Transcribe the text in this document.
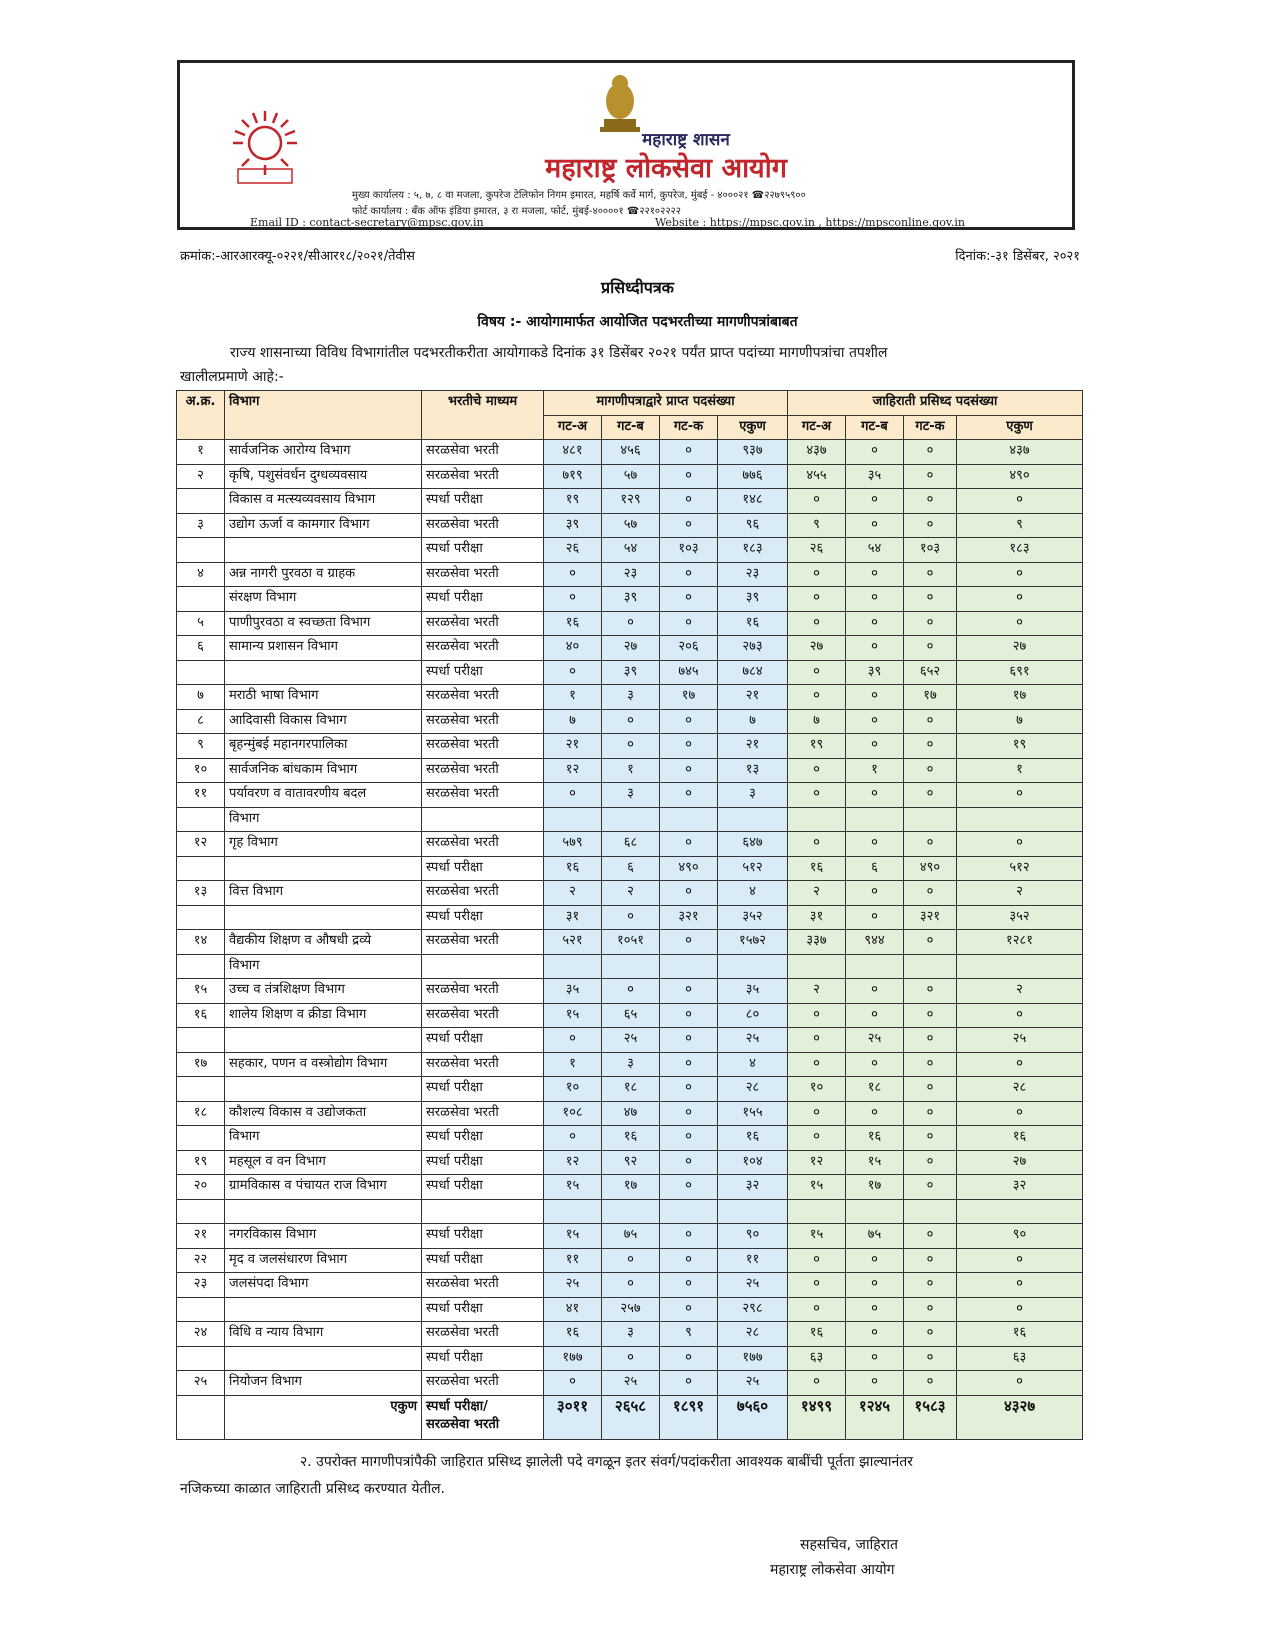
महाराष्ट्र शासन
महाराष्ट्र लोकसेवा आयोग
मुख्य कार्यालय : ५, ७, ८ वा मजला, कुपरेज टेलिफोन निगम इमारत, महर्षि कर्वे मार्ग, कुपरेज, मुंबई - ४०००२१ ☎२२७९५९००
फोर्ट कार्यालय : बँक ऑफ इंडिया इमारत, ३ रा मजला, फोर्ट, मुंबई-४००००१ ☎२२१०२२२२
Email ID : contact-secretary@mpsc.gov.in	Website : https://mpsc.gov.in , https://mpsconline.gov.in
क्रमांक:-आरआरक्यू-०२२१/सीआर१८/२०२१/तेवीस	दिनांक:-३१ डिसेंबर, २०२१
प्रसिध्दीपत्रक
विषय :- आयोगामार्फत आयोजित पदभरतीच्या मागणीपत्रांबाबत
राज्य शासनाच्या विविध विभागांतील पदभरतीकरीता आयोगाकडे दिनांक ३१ डिसेंबर २०२१ पर्यंत प्राप्त पदांच्या मागणीपत्रांचा तपशील
खालीलप्रमाणे आहे:-
अ.क्र.	विभाग	भरतीचे माध्यम	मागणीपत्राद्वारे प्राप्त पदसंख्या				जाहिराती प्रसिध्द पदसंख्या			
			गट-अ	गट-ब	गट-क	एकुण	गट-अ	गट-ब	गट-क	एकुण
१	सार्वजनिक आरोग्य विभाग	सरळसेवा भरती	४८१	४५६	०	९३७	४३७	०	०	४३७
२	कृषि, पशुसंवर्धन दुग्धव्यवसाय	सरळसेवा भरती	७१९	५७	०	७७६	४५५	३५	०	४९०
	विकास व मत्स्यव्यवसाय विभाग	स्पर्धा परीक्षा	१९	१२९	०	१४८	०	०	०	०
३	उद्योग ऊर्जा व कामगार विभाग	सरळसेवा भरती	३९	५७	०	९६	९	०	०	९
		स्पर्धा परीक्षा	२६	५४	१०३	१८३	२६	५४	१०३	१८३
४	अन्न नागरी पुरवठा व ग्राहक	सरळसेवा भरती	०	२३	०	२३	०	०	०	०
	संरक्षण विभाग	स्पर्धा परीक्षा	०	३९	०	३९	०	०	०	०
५	पाणीपुरवठा व स्वच्छता विभाग	सरळसेवा भरती	१६	०	०	१६	०	०	०	०
६	सामान्य प्रशासन विभाग	सरळसेवा भरती	४०	२७	२०६	२७३	२७	०	०	२७
		स्पर्धा परीक्षा	०	३९	७४५	७८४	०	३९	६५२	६९१
७	मराठी भाषा विभाग	सरळसेवा भरती	१	३	१७	२१	०	०	१७	१७
८	आदिवासी विकास विभाग	सरळसेवा भरती	७	०	०	७	७	०	०	७
९	बृहन्मुंबई महानगरपालिका	सरळसेवा भरती	२१	०	०	२१	१९	०	०	१९
१०	सार्वजनिक बांधकाम विभाग	सरळसेवा भरती	१२	१	०	१३	०	१	०	१
११	पर्यावरण व वातावरणीय बदल	सरळसेवा भरती	०	३	०	३	०	०	०	०
	विभाग									
१२	गृह विभाग	सरळसेवा भरती	५७९	६८	०	६४७	०	०	०	०
		स्पर्धा परीक्षा	१६	६	४९०	५१२	१६	६	४९०	५१२
१३	वित्त विभाग	सरळसेवा भरती	२	२	०	४	२	०	०	२
		स्पर्धा परीक्षा	३१	०	३२१	३५२	३१	०	३२१	३५२
१४	वैद्यकीय शिक्षण व औषधी द्रव्ये	सरळसेवा भरती	५२१	१०५१	०	१५७२	३३७	९४४	०	१२८१
	विभाग									
१५	उच्च व तंत्रशिक्षण विभाग	सरळसेवा भरती	३५	०	०	३५	२	०	०	२
१६	शालेय शिक्षण व क्रीडा विभाग	सरळसेवा भरती	१५	६५	०	८०	०	०	०	०
		स्पर्धा परीक्षा	०	२५	०	२५	०	२५	०	२५
१७	सहकार, पणन व वस्त्रोद्योग विभाग	सरळसेवा भरती	१	३	०	४	०	०	०	०
		स्पर्धा परीक्षा	१०	१८	०	२८	१०	१८	०	२८
१८	कौशल्य विकास व उद्योजकता	सरळसेवा भरती	१०८	४७	०	१५५	०	०	०	०
	विभाग	स्पर्धा परीक्षा	०	१६	०	१६	०	१६	०	१६
१९	महसूल व वन विभाग	स्पर्धा परीक्षा	१२	९२	०	१०४	१२	१५	०	२७
२०	ग्रामविकास व पंचायत राज विभाग	स्पर्धा परीक्षा	१५	१७	०	३२	१५	१७	०	३२

२१	नगरविकास विभाग	स्पर्धा परीक्षा	१५	७५	०	९०	१५	७५	०	९०
२२	मृद व जलसंधारण विभाग	स्पर्धा परीक्षा	११	०	०	११	०	०	०	०
२३	जलसंपदा विभाग	सरळसेवा भरती	२५	०	०	२५	०	०	०	०
		स्पर्धा परीक्षा	४१	२५७	०	२९८	०	०	०	०
२४	विधि व न्याय विभाग	सरळसेवा भरती	१६	३	९	२८	१६	०	०	१६
		स्पर्धा परीक्षा	१७७	०	०	१७७	६३	०	०	६३
२५	नियोजन विभाग	सरळसेवा भरती	०	२५	०	२५	०	०	०	०
	एकुण	स्पर्धा परीक्षा/
सरळसेवा भरती	३०११	२६५८	१८९१	७५६०	१४९९	१२४५	१५८३	४३२७
२. उपरोक्त मागणीपत्रांपैकी जाहिरात प्रसिध्द झालेली पदे वगळून इतर संवर्ग/पदांकरीता आवश्यक बाबींची पूर्तता झाल्यानंतर
नजिकच्या काळात जाहिराती प्रसिध्द करण्यात येतील.
सहसचिव, जाहिरात
महाराष्ट्र लोकसेवा आयोग
